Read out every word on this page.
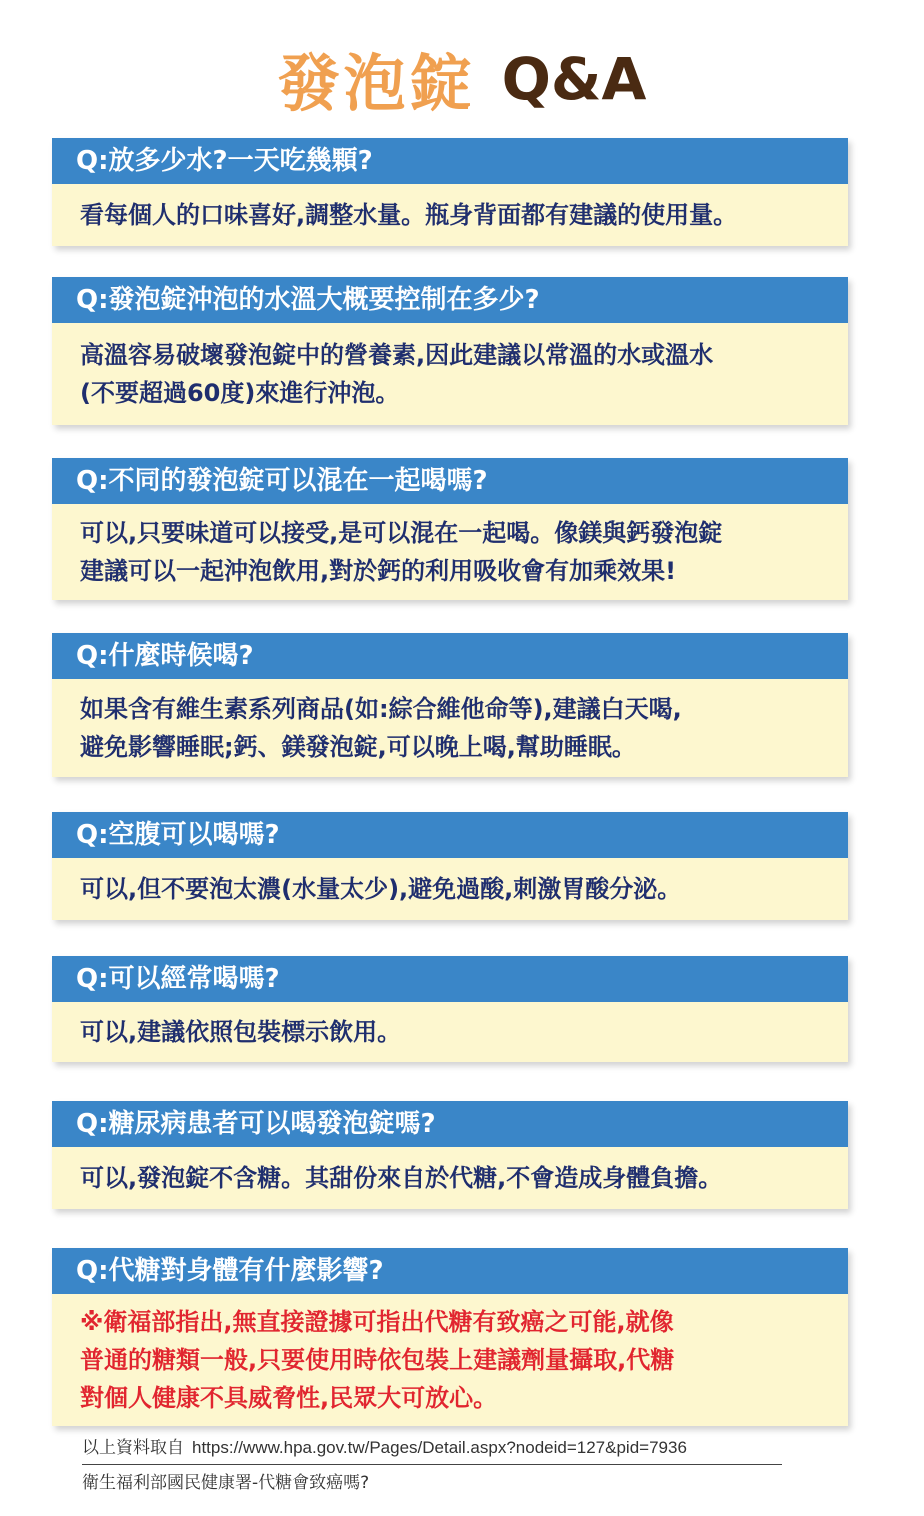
發泡錠 Q&A
Q:放多少水?一天吃幾顆?
看每個人的口味喜好,調整水量。瓶身背面都有建議的使用量。
Q:發泡錠沖泡的水溫大概要控制在多少?
高溫容易破壞發泡錠中的營養素,因此建議以常溫的水或溫水
(不要超過60度)來進行沖泡。
Q:不同的發泡錠可以混在一起喝嗎?
可以,只要味道可以接受,是可以混在一起喝。像鎂與鈣發泡錠
建議可以一起沖泡飲用,對於鈣的利用吸收會有加乘效果!
Q:什麼時候喝?
如果含有維生素系列商品(如:綜合維他命等),建議白天喝,
避免影響睡眠;鈣、鎂發泡錠,可以晚上喝,幫助睡眠。
Q:空腹可以喝嗎?
可以,但不要泡太濃(水量太少),避免過酸,刺激胃酸分泌。
Q:可以經常喝嗎?
可以,建議依照包裝標示飲用。
Q:糖尿病患者可以喝發泡錠嗎?
可以,發泡錠不含糖。其甜份來自於代糖,不會造成身體負擔。
Q:代糖對身體有什麼影響?
※衛福部指出,無直接證據可指出代糖有致癌之可能,就像
普通的糖類一般,只要使用時依包裝上建議劑量攝取,代糖
對個人健康不具威脅性,民眾大可放心。
以上資料取自 https://www.hpa.gov.tw/Pages/Detail.aspx?nodeid=127&pid=7936
衛生福利部國民健康署-代糖會致癌嗎?
